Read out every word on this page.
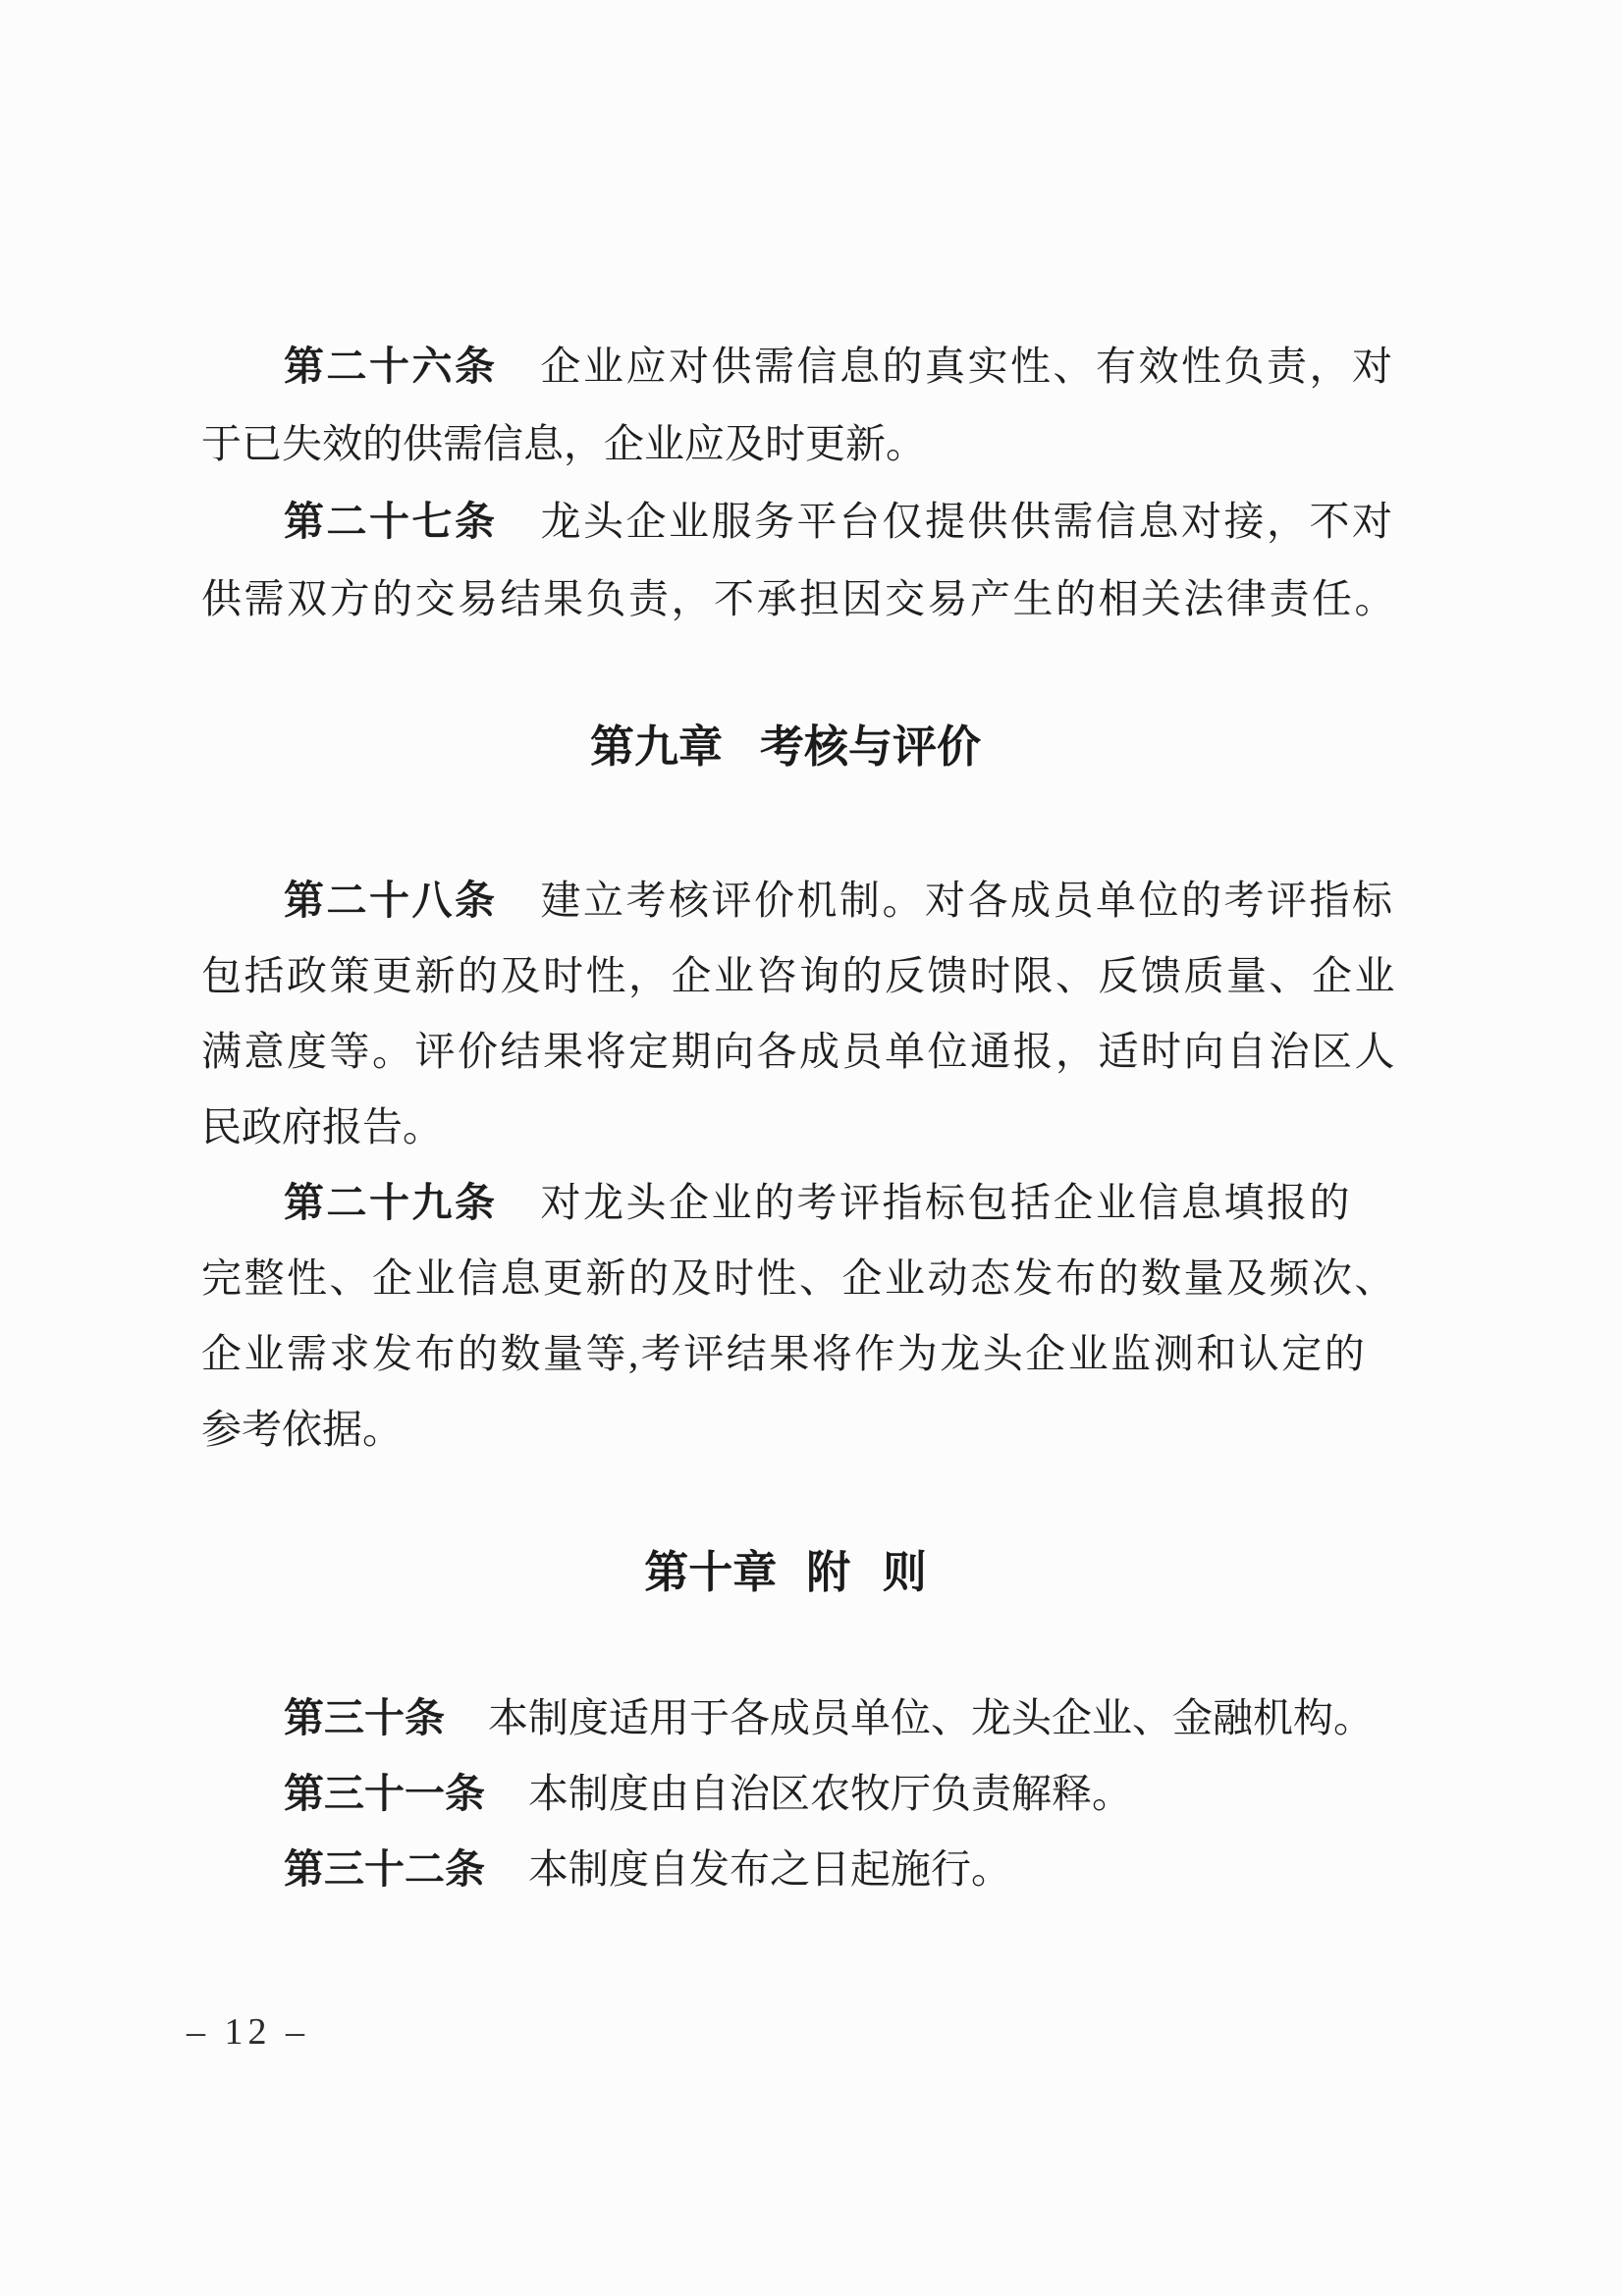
第二十六条 企业应对供需信息的真实性、有效性负责，对

于已失效的供需信息，企业应及时更新。

第二十七条 龙头企业服务平台仅提供供需信息对接，不对

供需双方的交易结果负责，不承担因交易产生的相关法律责任。

第九章 考核与评价

第二十八条 建立考核评价机制。对各成员单位的考评指标

包括政策更新的及时性，企业咨询的反馈时限、反馈质量、企业

满意度等。评价结果将定期向各成员单位通报，适时向自治区人

民政府报告。

第二十九条 对龙头企业的考评指标包括企业信息填报的

完整性、企业信息更新的及时性、企业动态发布的数量及频次、

企业需求发布的数量等,考评结果将作为龙头企业监测和认定的

参考依据。

第十章 附 则

第三十条 本制度适用于各成员单位、龙头企业、金融机构。

第三十一条 本制度由自治区农牧厅负责解释。

第三十二条 本制度自发布之日起施行。

– 12 –
